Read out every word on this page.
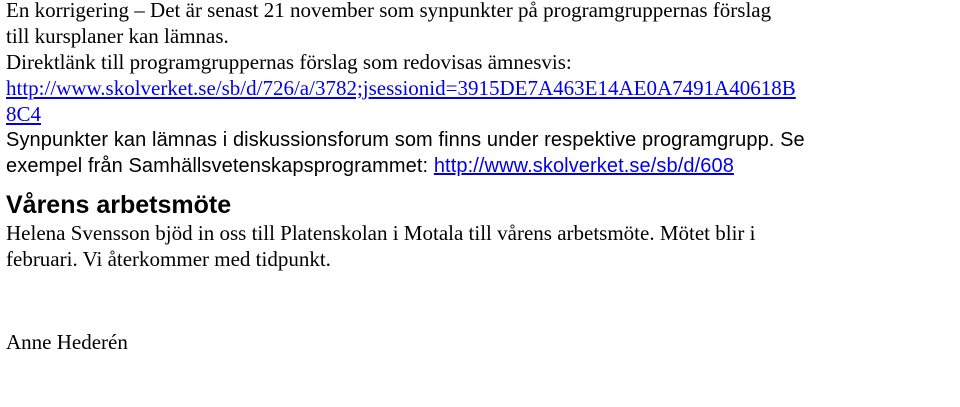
En korrigering – Det är senast 21 november som synpunkter på programgruppernas förslag
till kursplaner kan lämnas.

Direktlänk till programgruppernas förslag som redovisas ämnesvis:
http://www.skolverket.se/sb/d/726/a/3782;jsessionid=3915DE7A463E14AE0A7491A40618B
8C4

Synpunkter kan lämnas i diskussionsforum som finns under respektive programgrupp. Se
exempel från Samhällsvetenskapsprogrammet: http://www.skolverket.se/sb/d/608

Vårens arbetsmöte

Helena Svensson bjöd in oss till Platenskolan i Motala till vårens arbetsmöte. Mötet blir i
februari. Vi återkommer med tidpunkt.

Anne Hederén
